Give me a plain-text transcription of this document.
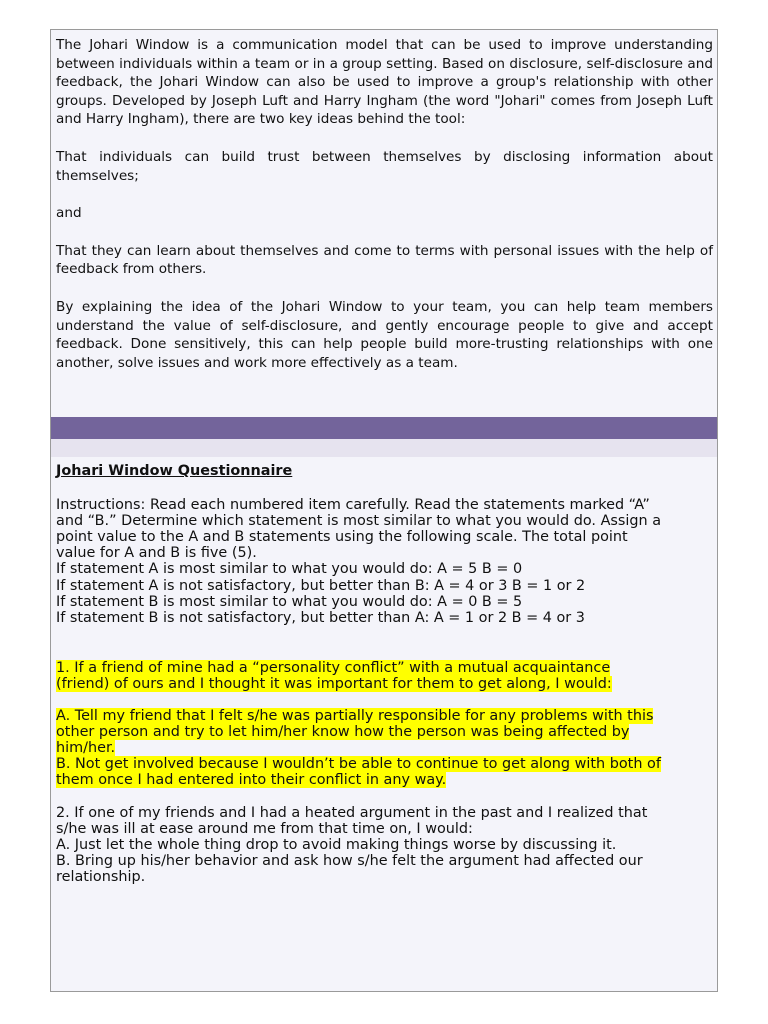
The Johari Window is a communication model that can be used to improve understanding between individuals within a team or in a group setting. Based on disclosure, self-disclosure and feedback, the Johari Window can also be used to improve a group's relationship with other groups. Developed by Joseph Luft and Harry Ingham (the word "Johari" comes from Joseph Luft and Harry Ingham), there are two key ideas behind the tool:

That individuals can build trust between themselves by disclosing information about themselves;

and

That they can learn about themselves and come to terms with personal issues with the help of feedback from others.

By explaining the idea of the Johari Window to your team, you can help team members understand the value of self-disclosure, and gently encourage people to give and accept feedback. Done sensitively, this can help people build more-trusting relationships with one another, solve issues and work more effectively as a team.

Johari Window Questionnaire
Instructions: Read each numbered item carefully. Read the statements marked “A”
and “B.” Determine which statement is most similar to what you would do. Assign a
point value to the A and B statements using the following scale. The total point
value for A and B is five (5).
If statement A is most similar to what you would do: A = 5 B = 0
If statement A is not satisfactory, but better than B: A = 4 or 3 B = 1 or 2
If statement B is most similar to what you would do: A = 0 B = 5
If statement B is not satisfactory, but better than A: A = 1 or 2 B = 4 or 3
1. If a friend of mine had a “personality conflict” with a mutual acquaintance
(friend) of ours and I thought it was important for them to get along, I would:
A. Tell my friend that I felt s/he was partially responsible for any problems with this
other person and try to let him/her know how the person was being affected by
him/her.
B. Not get involved because I wouldn’t be able to continue to get along with both of
them once I had entered into their conflict in any way.
2. If one of my friends and I had a heated argument in the past and I realized that
s/he was ill at ease around me from that time on, I would:
A. Just let the whole thing drop to avoid making things worse by discussing it.
B. Bring up his/her behavior and ask how s/he felt the argument had affected our
relationship.
